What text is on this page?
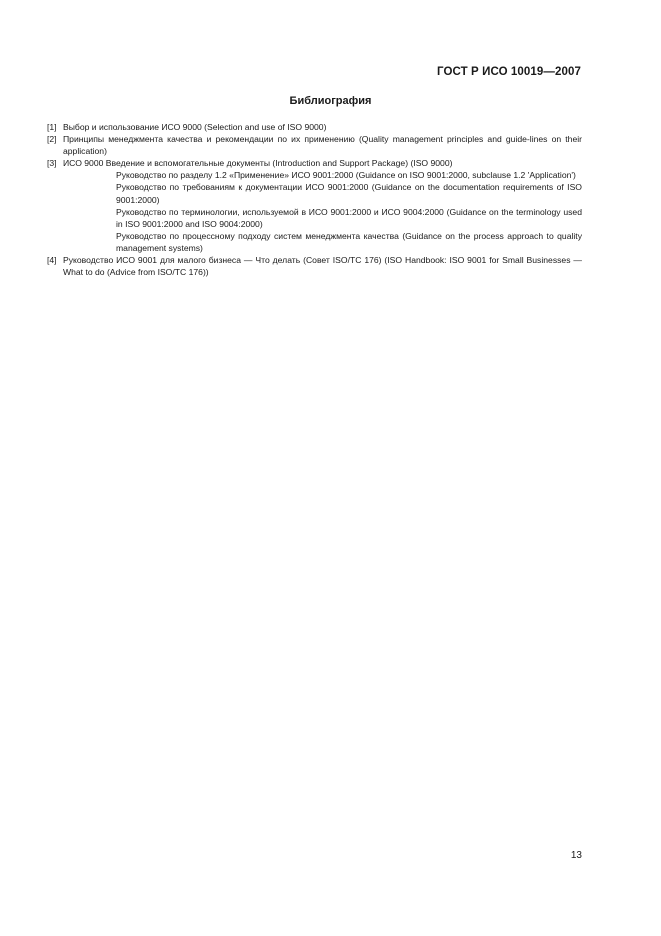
ГОСТ Р ИСО 10019—2007
Библиография
[1] Выбор и использование ИСО 9000 (Selection and use of ISO 9000)
[2] Принципы менеджмента качества и рекомендации по их применению (Quality management principles and guide-lines on their application)
[3] ИСО 9000 Введение и вспомогательные документы (Introduction and Support Package) (ISO 9000)
Руководство по разделу 1.2 «Применение» ИСО 9001:2000 (Guidance on ISO 9001:2000, subclause 1.2 'Application')
Руководство по требованиям к документации ИСО 9001:2000 (Guidance on the documentation requirements of ISO 9001:2000)
Руководство по терминологии, используемой в ИСО 9001:2000 и ИСО 9004:2000 (Guidance on the terminology used in ISO 9001:2000 and ISO 9004:2000)
Руководство по процессному подходу систем менеджмента качества (Guidance on the process approach to quality management systems)
[4] Руководство ИСО 9001 для малого бизнеса — Что делать (Совет ISO/TC 176) (ISO Handbook: ISO 9001 for Small Businesses — What to do (Advice from ISO/TC 176))
13
